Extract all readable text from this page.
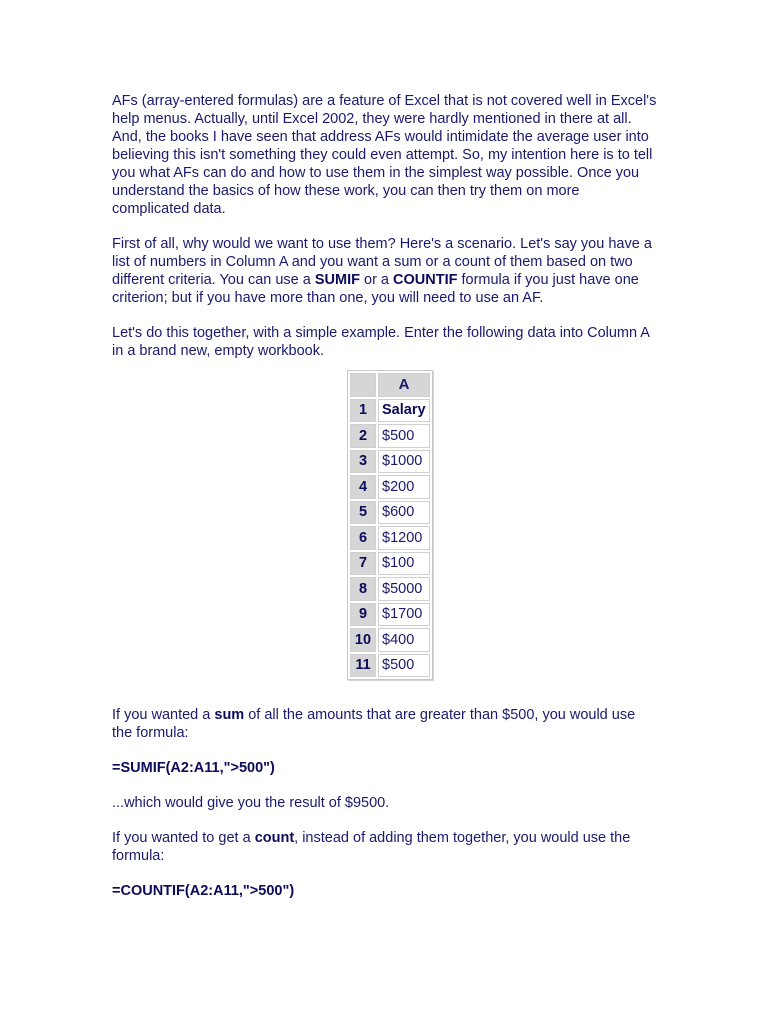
AFs (array-entered formulas) are a feature of Excel that is not covered well in Excel's help menus. Actually, until Excel 2002, they were hardly mentioned in there at all. And, the books I have seen that address AFs would intimidate the average user into believing this isn't something they could even attempt. So, my intention here is to tell you what AFs can do and how to use them in the simplest way possible. Once you understand the basics of how these work, you can then try them on more complicated data.

First of all, why would we want to use them? Here's a scenario. Let's say you have a list of numbers in Column A and you want a sum or a count of them based on two different criteria. You can use a SUMIF or a COUNTIF formula if you just have one criterion; but if you have more than one, you will need to use an AF.

Let's do this together, with a simple example. Enter the following data into Column A in a brand new, empty workbook.

	A
1	Salary
2	$500
3	$1000
4	$200
5	$600
6	$1200
7	$100
8	$5000
9	$1700
10	$400
11	$500

If you wanted a sum of all the amounts that are greater than $500, you would use the formula:

=SUMIF(A2:A11,">500")

...which would give you the result of $9500.

If you wanted to get a count, instead of adding them together, you would use the formula:

=COUNTIF(A2:A11,">500")
